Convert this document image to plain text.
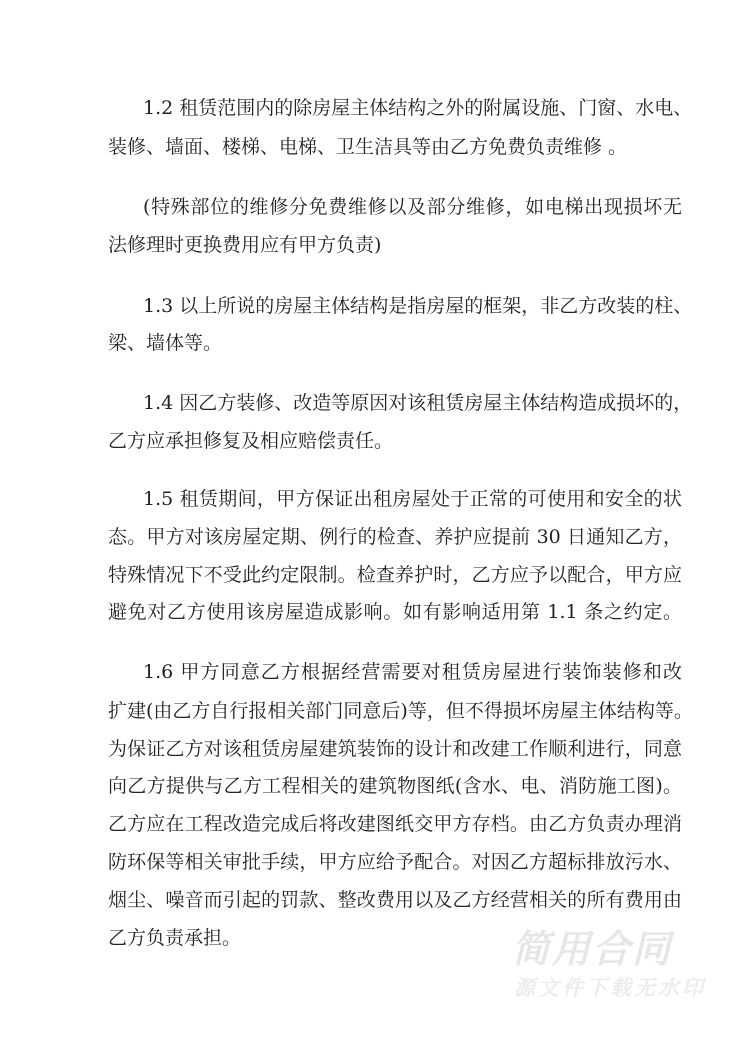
1.2 租赁范围内的除房屋主体结构之外的附属设施、门窗、水电、
装修、墙面、楼梯、电梯、卫生洁具等由乙方免费负责维修 。
(特殊部位的维修分免费维修以及部分维修，如电梯出现损坏无
法修理时更换费用应有甲方负责)
1.3 以上所说的房屋主体结构是指房屋的框架，非乙方改装的柱、
梁、墙体等。
1.4 因乙方装修、改造等原因对该租赁房屋主体结构造成损坏的，
乙方应承担修复及相应赔偿责任。
1.5 租赁期间，甲方保证出租房屋处于正常的可使用和安全的状
态。甲方对该房屋定期、例行的检查、养护应提前 30 日通知乙方，
特殊情况下不受此约定限制。检查养护时，乙方应予以配合，甲方应
避免对乙方使用该房屋造成影响。如有影响适用第 1.1 条之约定。
1.6 甲方同意乙方根据经营需要对租赁房屋进行装饰装修和改
扩建(由乙方自行报相关部门同意后)等，但不得损坏房屋主体结构等。
为保证乙方对该租赁房屋建筑装饰的设计和改建工作顺利进行，同意
向乙方提供与乙方工程相关的建筑物图纸(含水、电、消防施工图)。
乙方应在工程改造完成后将改建图纸交甲方存档。由乙方负责办理消
防环保等相关审批手续，甲方应给予配合。对因乙方超标排放污水、
烟尘、噪音而引起的罚款、整改费用以及乙方经营相关的所有费用由
乙方负责承担。	简用合同
源文件下载无水印
